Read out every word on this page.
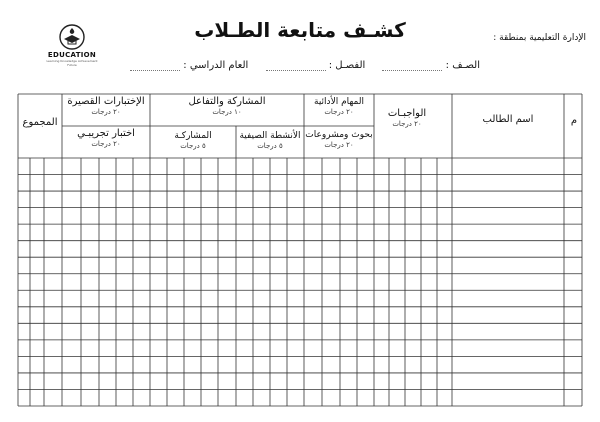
الإدارة التعليمية بمنطقة :
كشـف متابعة الطـلاب
EDUCATION
Learning Knowledge Achievement Future	الصـف :  الفصـل :  العام الدراسي :
م
اسم الطالب
الواجبـات
٢٠ درجات
المهام الأدائية
٢٠ درجات
بحوث ومشروعات
٢٠ درجات
المشاركة والتفاعل
١٠ درجات
الأنشطة الصيفية
٥ درجات
المشاركـة
٥ درجات
الإختبارات القصيرة
٢٠ درجات
اختبار تجريبـي
٢٠ درجات
المجموع
